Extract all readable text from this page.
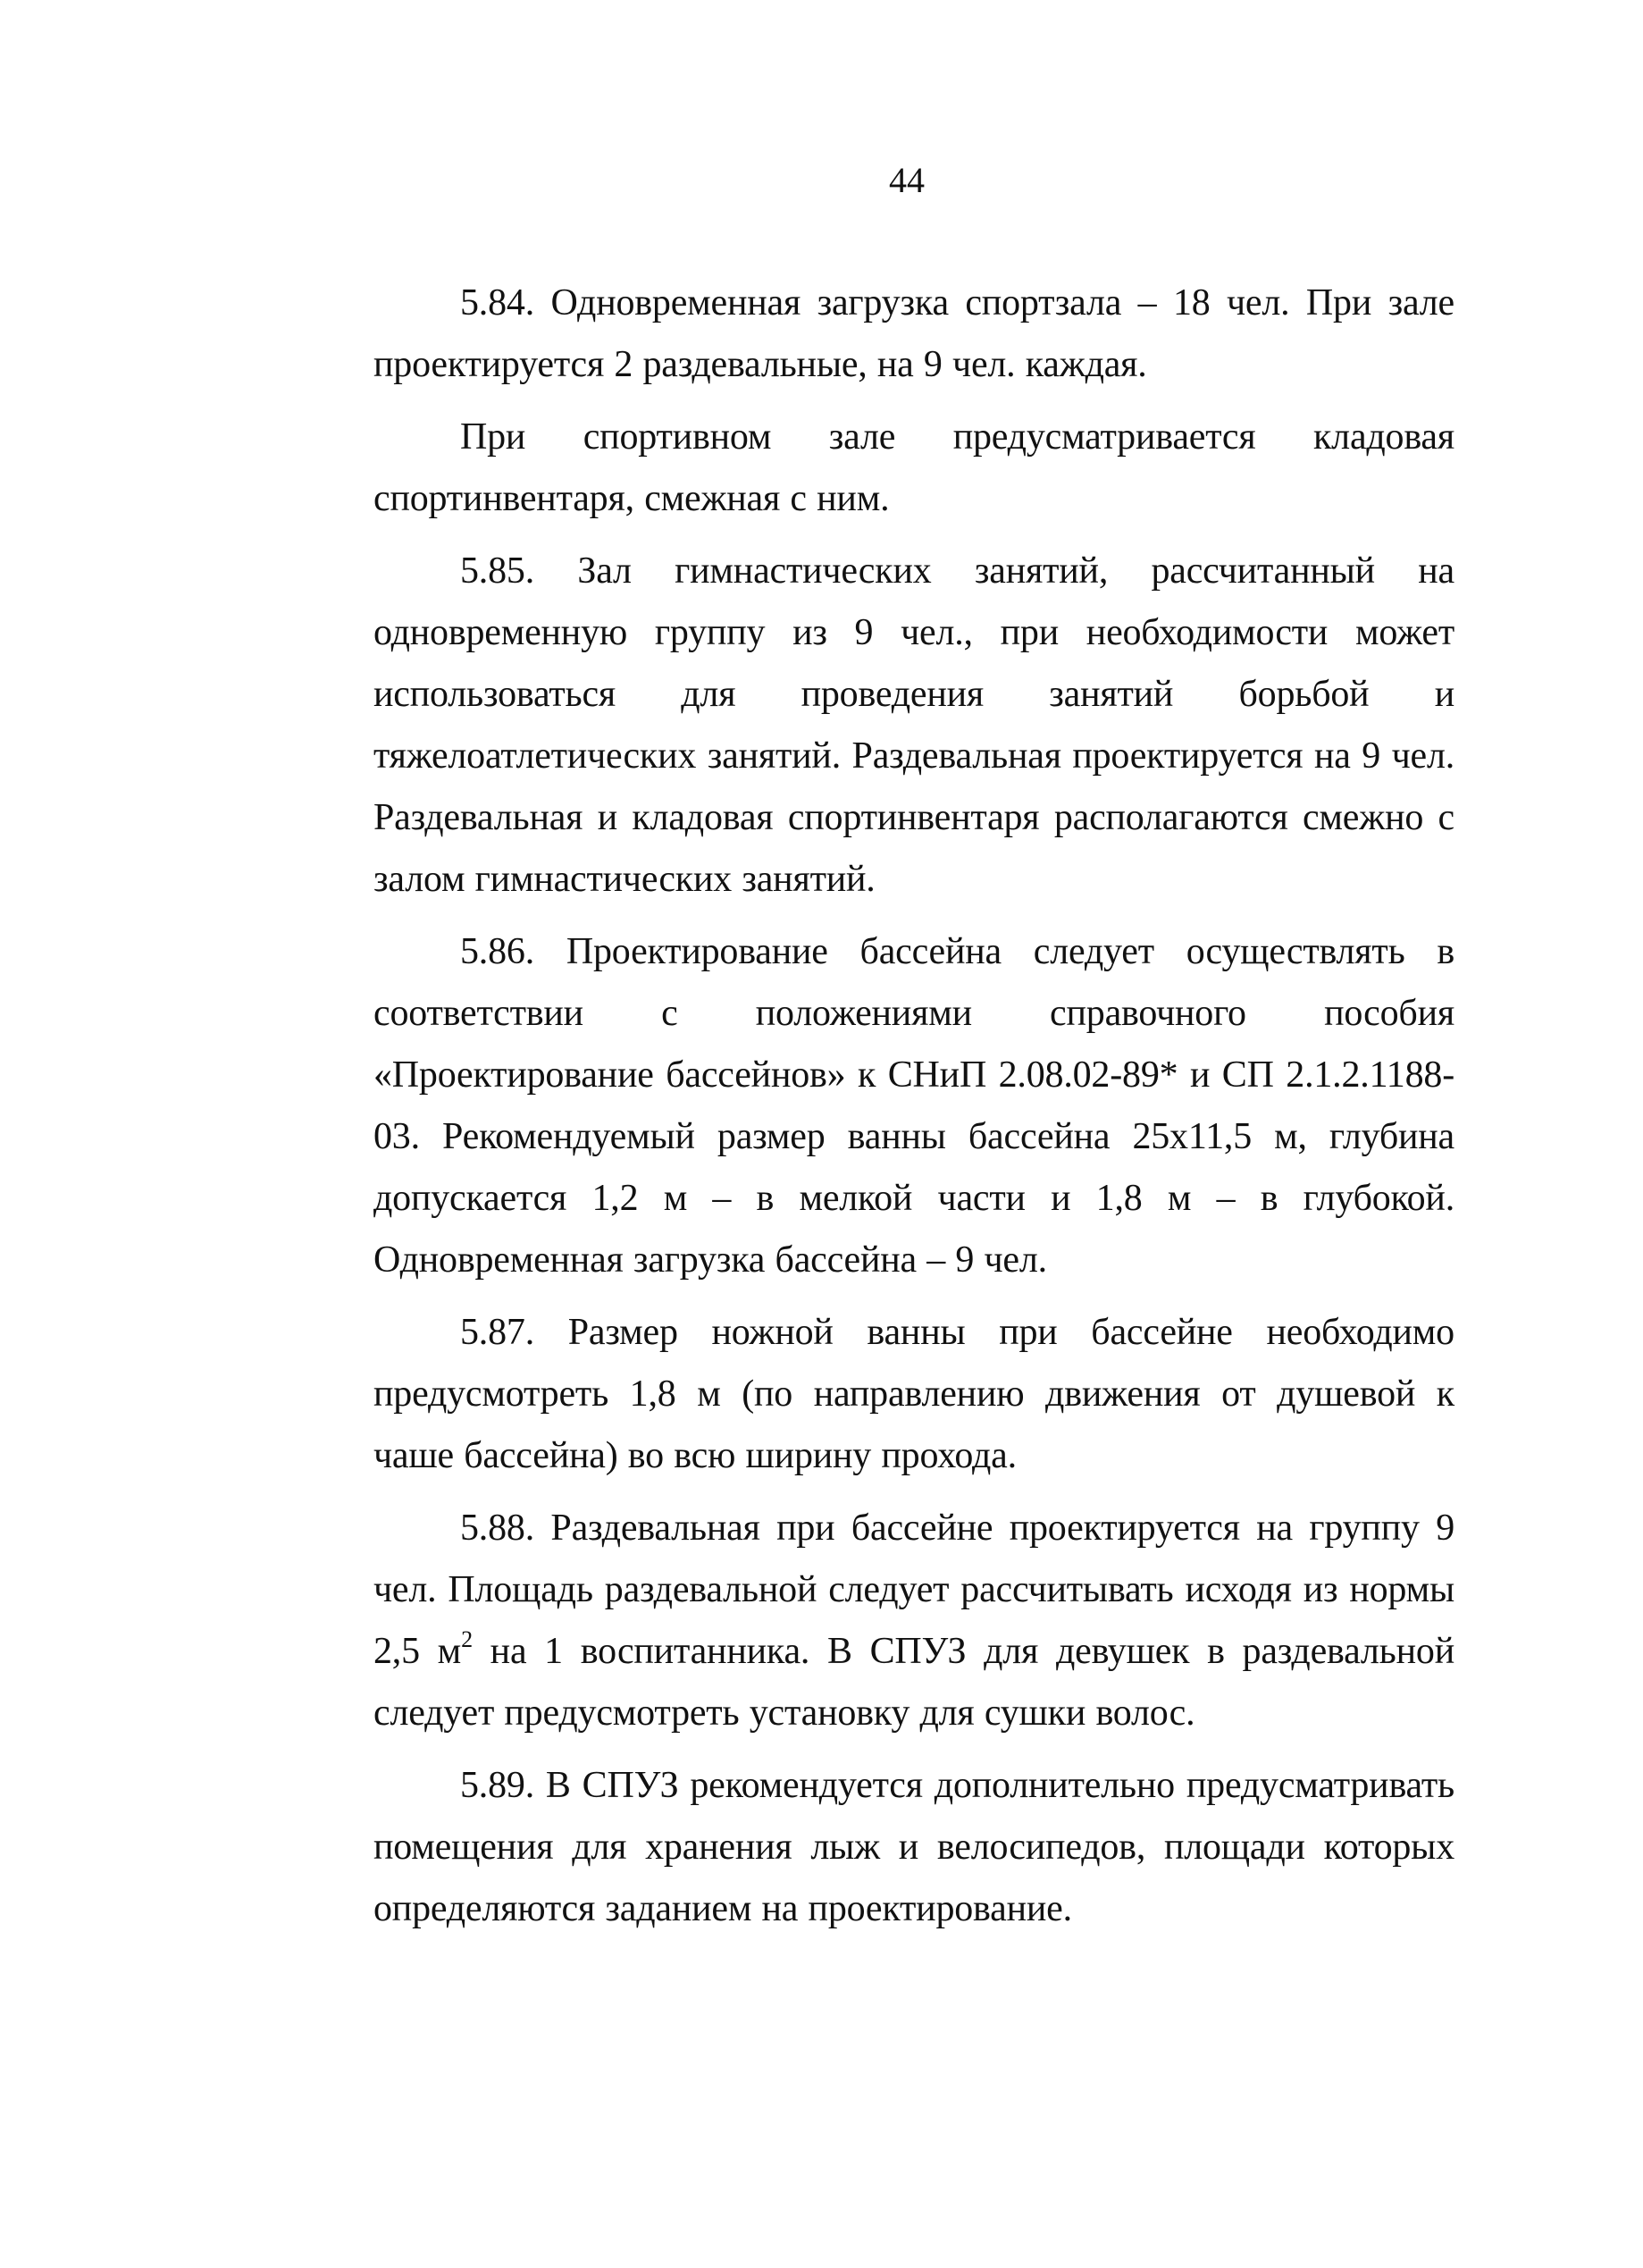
44

5.84. Одновременная загрузка спортзала – 18 чел. При зале проектируется 2 раздевальные, на 9 чел. каждая.

При спортивном зале предусматривается кладовая спортинвентаря, смежная с ним.

5.85. Зал гимнастических занятий, рассчитанный на одновременную группу из 9 чел., при необходимости может использоваться для проведения занятий борьбой и тяжелоатлетических занятий. Раздевальная проектируется на 9 чел. Раздевальная и кладовая спортинвентаря располагаются смежно с залом гимнастических занятий.

5.86. Проектирование бассейна следует осуществлять в соответствии с положениями справочного пособия «Проектирование бассейнов» к СНиП 2.08.02-89* и СП 2.1.2.1188-03. Рекомендуемый размер ванны бассейна 25х11,5 м, глубина допускается 1,2 м – в мелкой части и 1,8 м – в глубокой. Одновременная загрузка бассейна – 9 чел.

5.87. Размер ножной ванны при бассейне необходимо предусмотреть 1,8 м (по направлению движения от душевой к чаше бассейна) во всю ширину прохода.

5.88. Раздевальная при бассейне проектируется на группу 9 чел. Площадь раздевальной следует рассчитывать исходя из нормы 2,5 $м^2$ на 1 воспитанника. В СПУЗ для девушек в раздевальной следует предусмотреть установку для сушки волос.

5.89. В СПУЗ рекомендуется дополнительно предусматривать помещения для хранения лыж и велосипедов, площади которых определяются заданием на проектирование.
